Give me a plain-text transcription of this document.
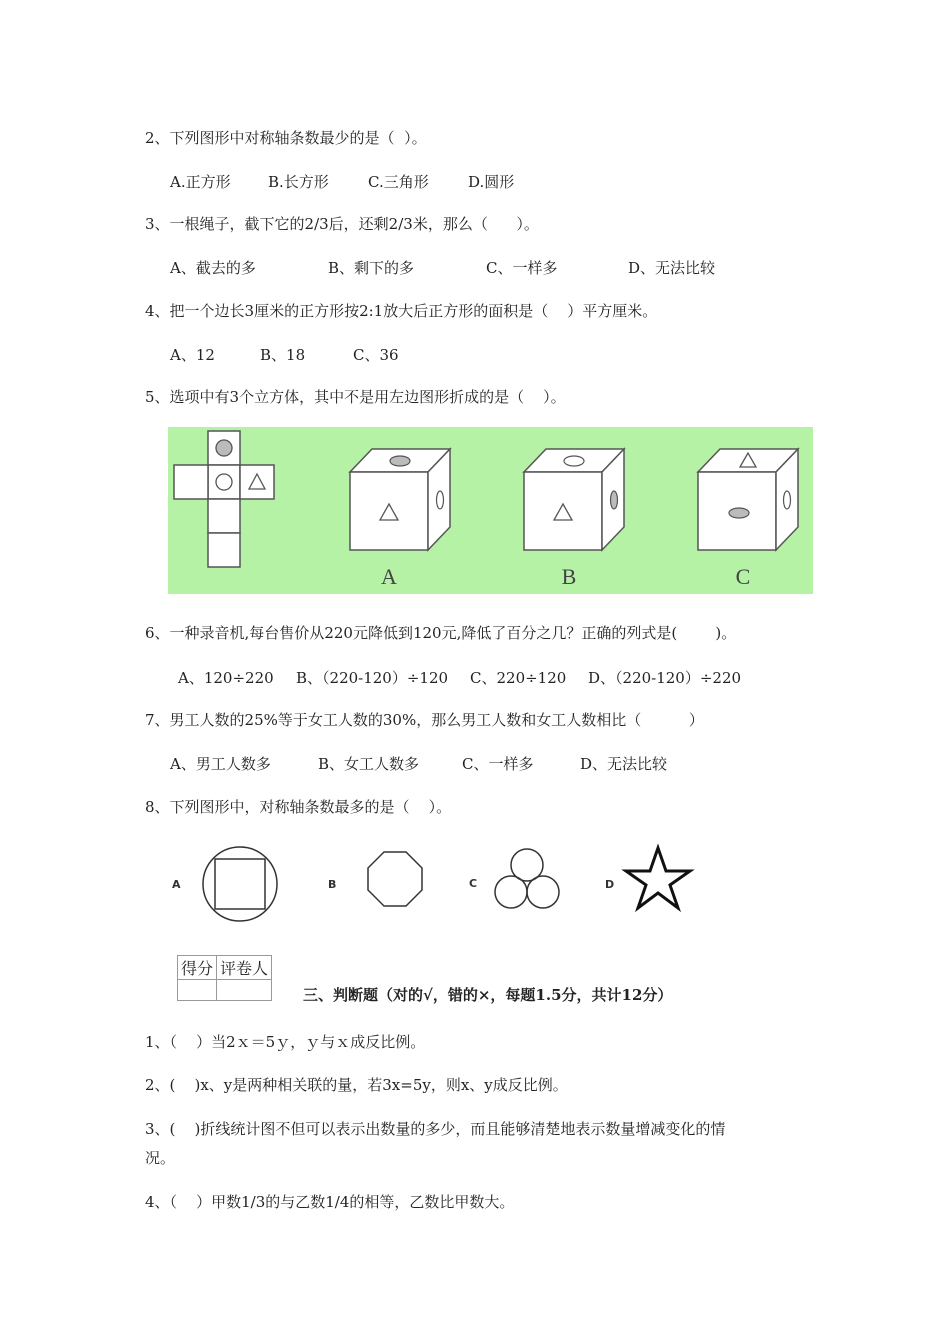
2、下列图形中对称轴条数最少的是（  ）。
A.正方形 B.长方形	C.三角形	D.圆形
3、一根绳子，截下它的2/3后，还剩2/3米，那么（      ）。
A、截去的多	B、剩下的多	C、一样多	D、无法比较
4、把一个边长3厘米的正方形按2:1放大后正方形的面积是（    ）平方厘米。
A、12	B、18	C、36
5、选项中有3个立方体，其中不是用左边图形折成的是（    ）。
A	B	C
6、一种录音机,每台售价从220元降低到120元,降低了百分之几？正确的列式是(        )。
A、120÷220 B、（220-120）÷120 C、220÷120 D、（220-120）÷220
7、男工人数的25%等于女工人数的30%，那么男工人数和女工人数相比（          ）
A、男工人数多	B、女工人数多	C、一样多	D、无法比较
8、下列图形中，对称轴条数最多的是（    ）。
A	B	C	D
得分	评卷人

三、判断题（对的√，错的×，每题1.5分，共计12分）
1、（    ）当2ｘ＝5ｙ，ｙ与ｘ成反比例。
2、(    )x、y是两种相关联的量，若3x=5y，则x、y成反比例。
3、(    )折线统计图不但可以表示出数量的多少，而且能够清楚地表示数量增减变化的情
况。
4、（    ）甲数1/3的与乙数1/4的相等，乙数比甲数大。
